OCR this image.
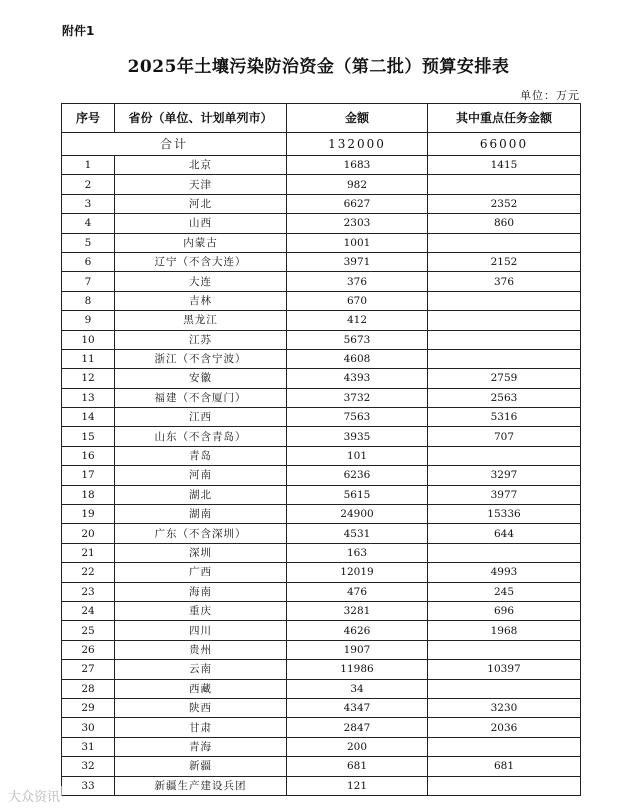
附件1
2025年土壤污染防治资金（第二批）预算安排表
单位：万元
序号	省份（单位、计划单列市）	金额	其中重点任务金额
合计		132000	66000
1	北京	1683	1415
2	天津	982	
3	河北	6627	2352
4	山西	2303	860
5	内蒙古	1001	
6	辽宁（不含大连）	3971	2152
7	大连	376	376
8	吉林	670	
9	黑龙江	412	
10	江苏	5673	
11	浙江（不含宁波）	4608	
12	安徽	4393	2759
13	福建（不含厦门）	3732	2563
14	江西	7563	5316
15	山东（不含青岛）	3935	707
16	青岛	101	
17	河南	6236	3297
18	湖北	5615	3977
19	湖南	24900	15336
20	广东（不含深圳）	4531	644
21	深圳	163	
22	广西	12019	4993
23	海南	476	245
24	重庆	3281	696
25	四川	4626	1968
26	贵州	1907	
27	云南	11986	10397
28	西藏	34	
29	陕西	4347	3230
30	甘肃	2847	2036
31	青海	200	
32	新疆	681	681
33	新疆生产建设兵团	121	
大众资讯
